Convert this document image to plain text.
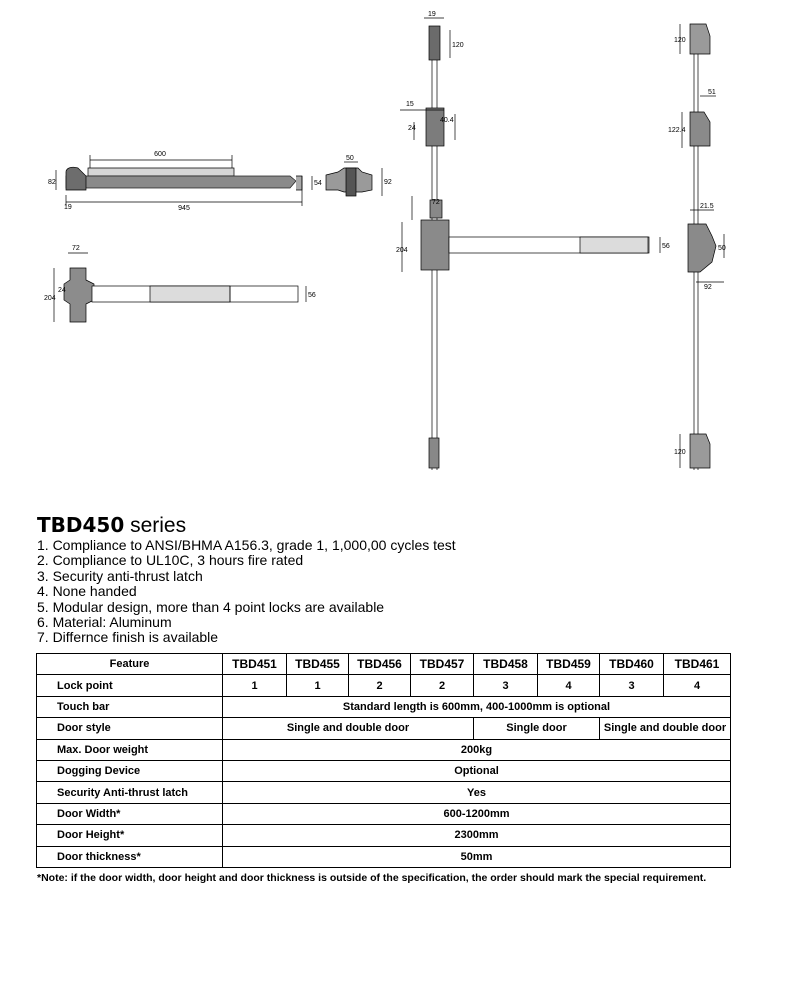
600
945
82	54
19
72
204
24
56
50
92
19
120
15
40.4
24
72
204
56
120
51
122.4
21.5
50
92
120
TBD450 series
1. Compliance to ANSI/BHMA A156.3, grade 1, 1,000,00 cycles test
2. Compliance to UL10C, 3 hours fire rated
3. Security anti-thrust latch
4. None handed
5. Modular design, more than 4 point locks are available
6. Material: Aluminum
7. Differnce finish is available
Feature	TBD451	TBD455	TBD456	TBD457	TBD458	TBD459	TBD460	TBD461
Lock point	1	1	2	2	3	4	3	4
Touch bar	Standard length is 600mm, 400-1000mm is optional							
Door style	Single and double door				Single door		Single and double door	
Max. Door weight	200kg							
Dogging Device	Optional							
Security Anti-thrust latch	Yes							
Door Width*	600-1200mm							
Door Height*	2300mm							
Door thickness*	50mm							
*Note: if the door width, door height and door thickness is outside of the specification, the order should mark the special requirement.
